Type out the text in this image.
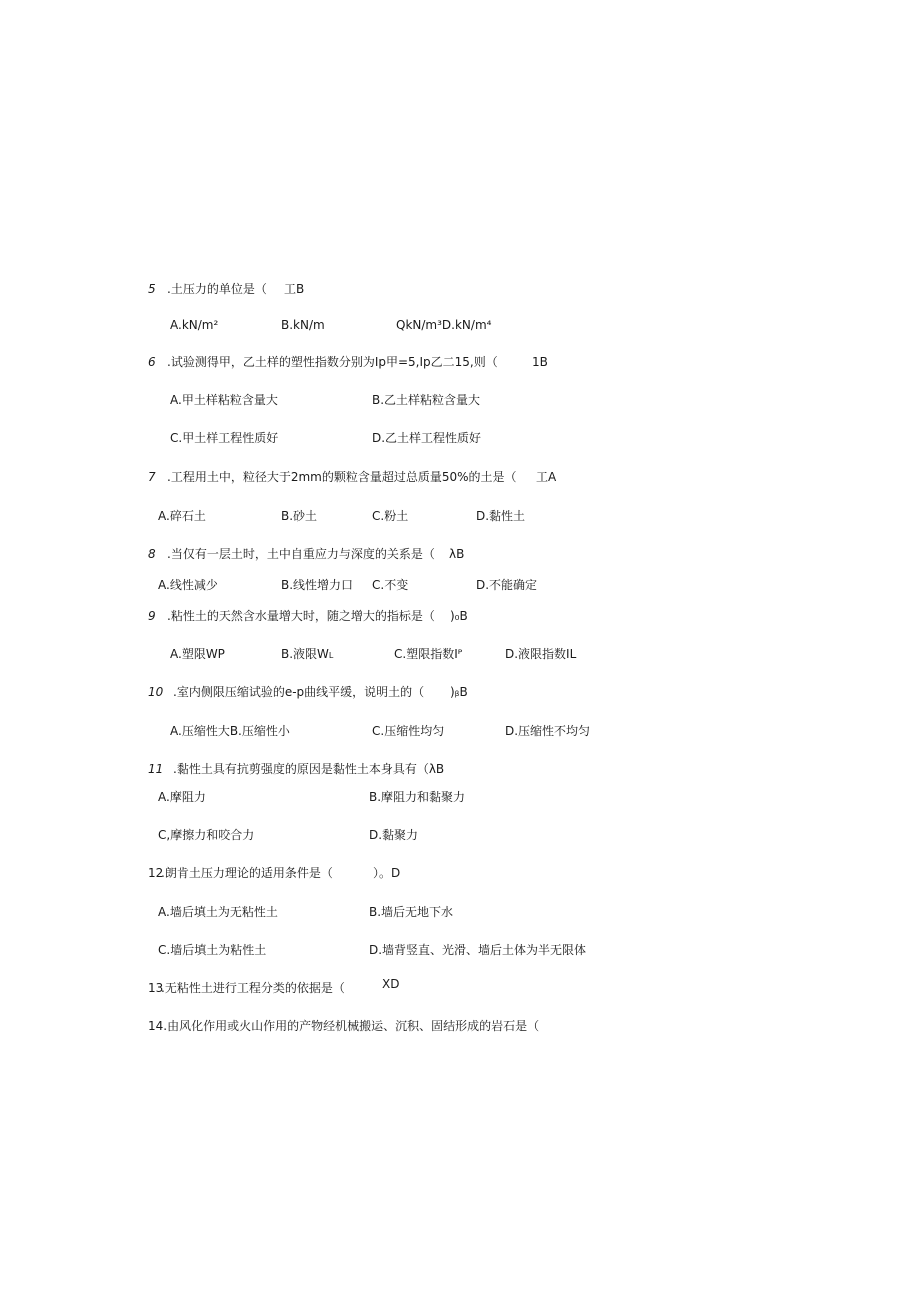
5 .土压力的单位是（ 工B
A.kN/m²	B.kN/m	QkN/m³D.kN/m⁴
6 .试验测得甲，乙土样的塑性指数分别为Ip甲=5,Ip乙二15,则（	1B
A.甲土样粘粒含量大	B.乙土样粘粒含量大
C.甲土样工程性质好	D.乙土样工程性质好
7 .工程用土中，粒径大于2mm的颗粒含量超过总质量50%的土是（ 工A
A.碎石土	B.砂土	C.粉土	D.黏性土
8 .当仅有一层土时，土中自重应力与深度的关系是（ λB
A.线性减少	B.线性增力口 C.不变	D.不能确定
9 .粘性土的天然含水量增大时，随之增大的指标是（ )₀B
A.塑限WP	B.液限WL	C.塑限指数Iᴾ	D.液限指数IL
10 .室内侧限压缩试验的e-p曲线平缓，说明土的（ )ᵦB
A.压缩性大B.压缩性小	C.压缩性均匀	D.压缩性不均匀
11 .黏性土具有抗剪强度的原因是黏性土本身具有（λB
A.摩阻力	B.摩阻力和黏聚力
C,摩擦力和咬合力	D.黏聚力
12
.朗肯土压力理论的适用条件是（	）。D
A.墙后填土为无粘性土	B.墙后无地下水
C.墙后填土为粘性土	D.墙背竖直、光滑、墙后土体为半无限体
13
.无粘性土进行工程分类的依据是（	XD
14.由风化作用或火山作用的产物经机械搬运、沉积、固结形成的岩石是（
